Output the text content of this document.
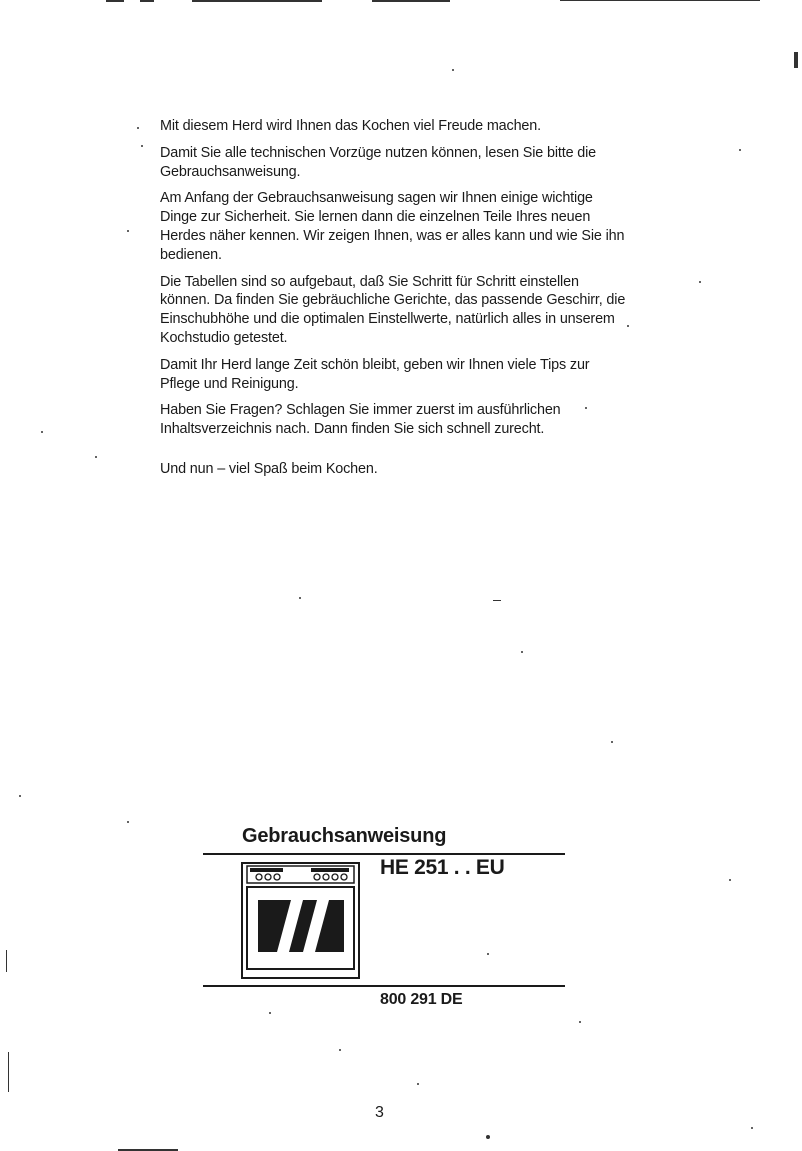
Mit diesem Herd wird Ihnen das Kochen viel Freude machen.

Damit Sie alle technischen Vorzüge nutzen können, lesen Sie bitte die Gebrauchsanweisung.

Am Anfang der Gebrauchsanweisung sagen wir Ihnen einige wichtige Dinge zur Sicherheit. Sie lernen dann die einzelnen Teile Ihres neuen Herdes näher kennen. Wir zeigen Ihnen, was er alles kann und wie Sie ihn bedienen.

Die Tabellen sind so aufgebaut, daß Sie Schritt für Schritt einstellen können. Da finden Sie gebräuchliche Gerichte, das passende Geschirr, die Einschubhöhe und die optimalen Einstellwerte, natürlich alles in unserem Kochstudio getestet.

Damit Ihr Herd lange Zeit schön bleibt, geben wir Ihnen viele Tips zur Pflege und Reinigung.

Haben Sie Fragen? Schlagen Sie immer zuerst im ausführlichen Inhaltsverzeichnis nach. Dann finden Sie sich schnell zurecht.

Und nun – viel Spaß beim Kochen.

Gebrauchsanweisung
HE 251 . . EU
800 291 DE
3
